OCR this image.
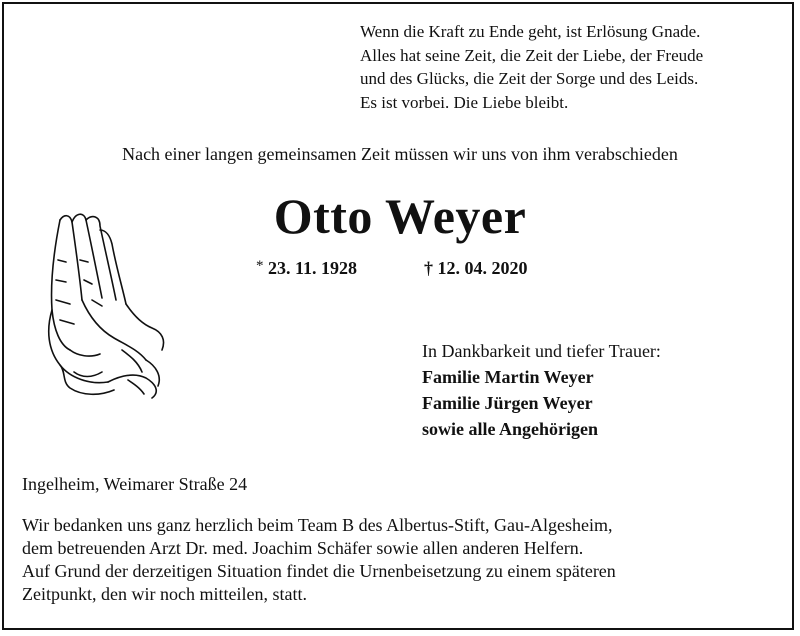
Wenn die Kraft zu Ende geht, ist Erlösung Gnade.
Alles hat seine Zeit, die Zeit der Liebe, der Freude
und des Glücks, die Zeit der Sorge und des Leids.
Es ist vorbei. Die Liebe bleibt.
Nach einer langen gemeinsamen Zeit müssen wir uns von ihm verabschieden
Otto Weyer
* 23. 11. 1928	† 12. 04. 2020
In Dankbarkeit und tiefer Trauer:
Familie Martin Weyer
Familie Jürgen Weyer
sowie alle Angehörigen
Ingelheim, Weimarer Straße 24
Wir bedanken uns ganz herzlich beim Team B des Albertus-Stift, Gau-Algesheim,
dem betreuenden Arzt Dr. med. Joachim Schäfer sowie allen anderen Helfern.
Auf Grund der derzeitigen Situation findet die Urnenbeisetzung zu einem späteren
Zeitpunkt, den wir noch mitteilen, statt.
